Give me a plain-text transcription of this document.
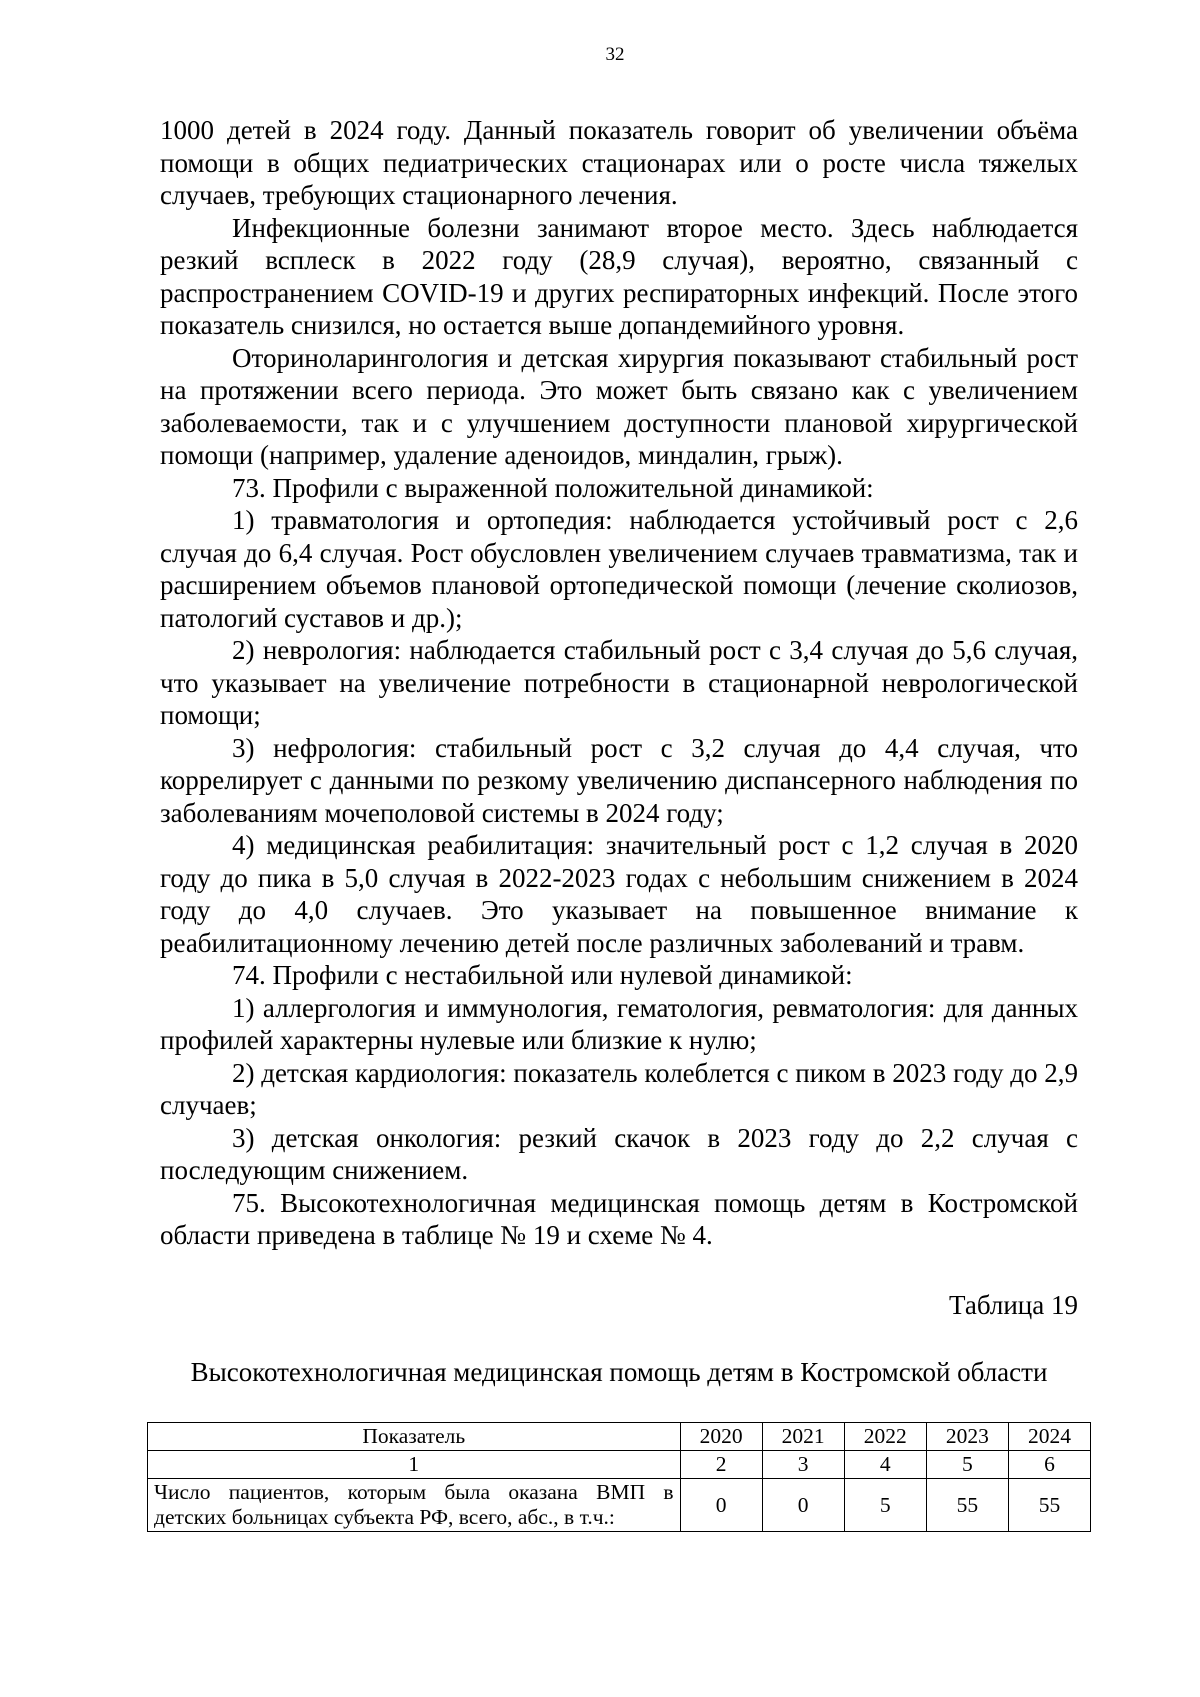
32

1000 детей в 2024 году. Данный показатель говорит об увеличении объёма помощи в общих педиатрических стационарах или о росте числа тяжелых случаев, требующих стационарного лечения.

Инфекционные болезни занимают второе место. Здесь наблюдается резкий всплеск в 2022 году (28,9 случая), вероятно, связанный с распространением COVID-19 и других респираторных инфекций. После этого показатель снизился, но остается выше допандемийного уровня.

Оториноларингология и детская хирургия показывают стабильный рост на протяжении всего периода. Это может быть связано как с увеличением заболеваемости, так и с улучшением доступности плановой хирургической помощи (например, удаление аденоидов, миндалин, грыж).

73. Профили с выраженной положительной динамикой:

1) травматология и ортопедия: наблюдается устойчивый рост с 2,6 случая до 6,4 случая. Рост обусловлен увеличением случаев травматизма, так и расширением объемов плановой ортопедической помощи (лечение сколиозов, патологий суставов и др.);

2) неврология: наблюдается стабильный рост с 3,4 случая до 5,6 случая, что указывает на увеличение потребности в стационарной неврологической помощи;

3) нефрология: стабильный рост с 3,2 случая до 4,4 случая, что коррелирует с данными по резкому увеличению диспансерного наблюдения по заболеваниям мочеполовой системы в 2024 году;

4) медицинская реабилитация: значительный рост с 1,2 случая в 2020 году до пика в 5,0 случая в 2022-2023 годах с небольшим снижением в 2024 году до 4,0 случаев. Это указывает на повышенное внимание к реабилитационному лечению детей после различных заболеваний и травм.

74. Профили с нестабильной или нулевой динамикой:

1) аллергология и иммунология, гематология, ревматология: для данных профилей характерны нулевые или близкие к нулю;

2) детская кардиология: показатель колеблется с пиком в 2023 году до 2,9 случаев;

3) детская онкология: резкий скачок в 2023 году до 2,2 случая с последующим снижением.

75. Высокотехнологичная медицинская помощь детям в Костромской области приведена в таблице № 19 и схеме № 4.

Таблица 19
Высокотехнологичная медицинская помощь детям в Костромской области
Показатель	2020	2021	2022	2023	2024
1	2	3	4	5	6
Число пациентов, которым была оказана ВМП в детских больницах субъекта РФ, всего, абс., в т.ч.:	0	0	5	55	55
